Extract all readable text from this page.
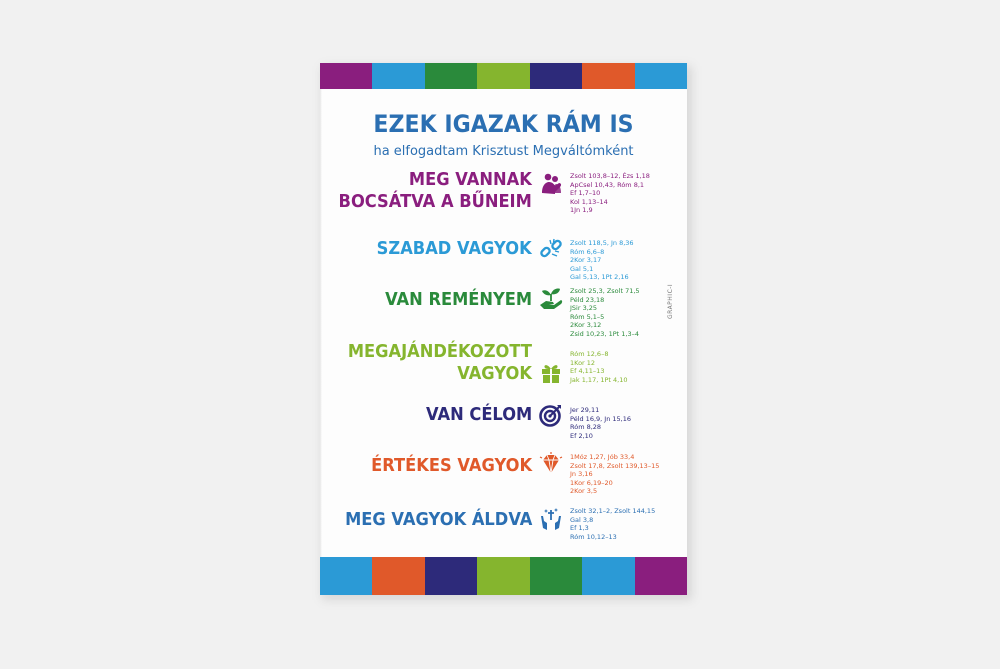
EZEK IGAZAK RÁM IS
ha elfogadtam Krisztust Megváltómként
MEG VANNAK
BOCSÁTVA A BŰNEIM
Zsolt 103,8–12, Ézs 1,18
ApCsel 10,43, Róm 8,1
Ef 1,7–10
Kol 1,13–14
1Jn 1,9
SZABAD VAGYOK	Zsolt 118,5, Jn 8,36
Róm 6,6–8
2Kor 3,17
Gal 5,1
Gal 5,13, 1Pt 2,16
VAN REMÉNYEM	Zsolt 25,3, Zsolt 71,5
Péld 23,18
JSir 3,25
Róm 5,1–5
2Kor 3,12
Zsid 10,23, 1Pt 1,3–4
MEGAJÁNDÉKOZOTT
VAGYOK
Róm 12,6–8
1Kor 12
Ef 4,11–13
Jak 1,17, 1Pt 4,10
VAN CÉLOM	Jer 29,11
Péld 16,9, Jn 15,16
Róm 8,28
Ef 2,10
ÉRTÉKES VAGYOK	1Móz 1,27, Jób 33,4
Zsolt 17,8, Zsolt 139,13–15
Jn 3,16
1Kor 6,19–20
2Kor 3,5
MEG VAGYOK ÁLDVA	Zsolt 32,1–2, Zsolt 144,15
Gal 3,8
Ef 1,3
Róm 10,12–13
GRAPHIC-I
